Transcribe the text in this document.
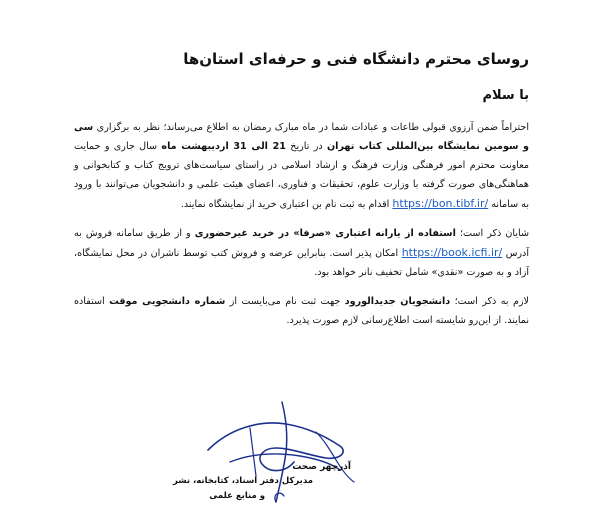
روسای محترم دانشگاه فنی و حرفه‌ای استان‌ها
با سلام

احتراماً ضمن آرزوی قبولی طاعات و عبادات شما در ماه مبارک رمضان به اطلاع می‌رساند؛ نظر به برگزاری سی و سومین نمایشگاه بین‌المللی کتاب تهران در تاریخ 21 الی 31 اردیبهشت ماه سال جاری و حمایت معاونت محترم امور فرهنگی وزارت فرهنگ و ارشاد اسلامی در راستای سیاست‌های ترویج کتاب و کتابخوانی و هماهنگی‌های صورت گرفته با وزارت علوم، تحقیقات و فناوری، اعضای هیئت علمی و دانشجویان می‌توانند با ورود به سامانه https://bon.tibf.ir/ اقدام به ثبت نام بن اعتباری خرید از نمایشگاه نمایند.

شایان ذکر است؛ استفاده از یارانه اعتباری «صرفا» در خرید غیرحضوری و از طریق سامانه فروش به آدرس https://book.icfi.ir/ امکان پذیر است. بنابراین عرضه و فروش کتب توسط ناشران در محل نمایشگاه، آزاد و به صورت «نقدی» شامل تخفیف نانر خواهد بود.

لازم به ذکر است؛ دانشجویان جدیدالورود جهت ثبت نام می‌بایست از شماره دانشجویی موقت استفاده نمایند. از این‌رو شایسته است اطلاع‌رسانی لازم صورت پذیرد.

آذرچهر صحت
مدیرکل دفتر اسناد، کتابخانه، نشر
و منابع علمی
